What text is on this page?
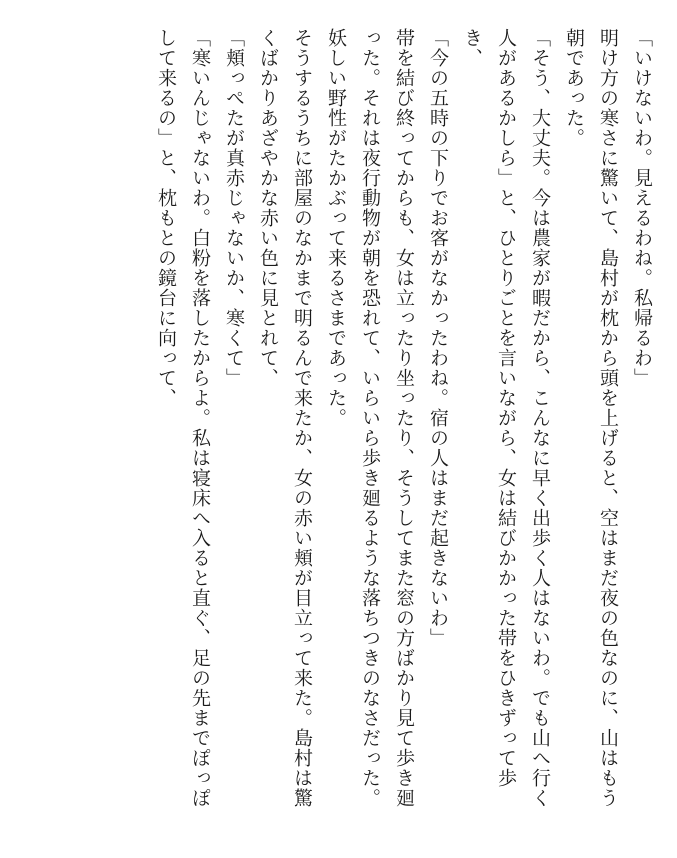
「いけないわ。見えるわね。私帰るわ」

明け方の寒さに驚いて、島村が枕から頭を上げると、空はまだ夜の色なのに、山はもう朝であった。

「そう、大丈夫。今は農家が暇だから、こんなに早く出歩く人はないわ。でも山へ行く人があるかしら」と、ひとりごとを言いながら、女は結びかかった帯をひきずって歩き、

「今の五時の下りでお客がなかったわね。宿の人はまだ起きないわ」

帯を結び終ってからも、女は立ったり坐ったり、そうしてまた窓の方ばかり見て歩き廻った。それは夜行動物が朝を恐れて、いらいら歩き廻るような落ちつきのなさだった。妖しい野性がたかぶって来るさまであった。

そうするうちに部屋のなかまで明るんで来たか、女の赤い頬が目立って来た。島村は驚くばかりあざやかな赤い色に見とれて、

「頬っぺたが真赤じゃないか、寒くて」

「寒いんじゃないわ。白粉を落したからよ。私は寝床へ入ると直ぐ、足の先までぽっぽして来るの」と、枕もとの鏡台に向って、
